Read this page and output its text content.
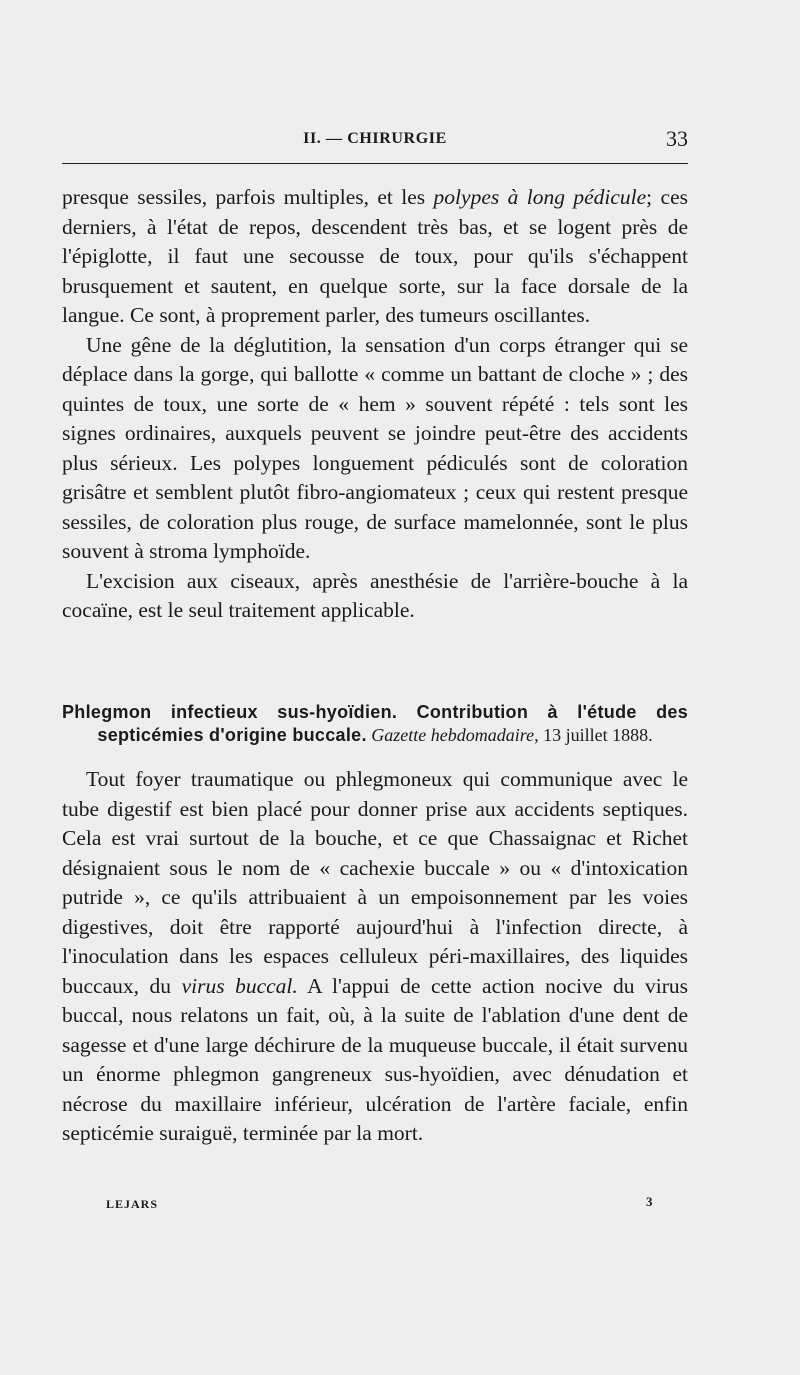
II. — CHIRURGIE	33

presque sessiles, parfois multiples, et les polypes à long pédicule; ces derniers, à l'état de repos, descendent très bas, et se logent près de l'épiglotte, il faut une secousse de toux, pour qu'ils s'échappent brusquement et sautent, en quelque sorte, sur la face dorsale de la langue. Ce sont, à proprement parler, des tumeurs oscillantes.

Une gêne de la déglutition, la sensation d'un corps étranger qui se déplace dans la gorge, qui ballotte « comme un battant de cloche » ; des quintes de toux, une sorte de « hem » souvent répété : tels sont les signes ordinaires, auxquels peuvent se joindre peut-être des accidents plus sérieux. Les polypes longuement pédiculés sont de coloration grisâtre et semblent plutôt fibro-angiomateux ; ceux qui restent presque sessiles, de coloration plus rouge, de surface mamelonnée, sont le plus souvent à stroma lymphoïde.

L'excision aux ciseaux, après anesthésie de l'arrière-bouche à la cocaïne, est le seul traitement applicable.

Phlegmon infectieux sus-hyoïdien. Contribution à l'étude des septicémies d'origine buccale. Gazette hebdomadaire, 13 juillet 1888.

Tout foyer traumatique ou phlegmoneux qui communique avec le tube digestif est bien placé pour donner prise aux accidents septiques. Cela est vrai surtout de la bouche, et ce que Chassaignac et Richet désignaient sous le nom de « cachexie buccale » ou « d'intoxication putride », ce qu'ils attribuaient à un empoisonnement par les voies digestives, doit être rapporté aujourd'hui à l'infection directe, à l'inoculation dans les espaces celluleux péri-maxillaires, des liquides buccaux, du virus buccal. A l'appui de cette action nocive du virus buccal, nous relatons un fait, où, à la suite de l'ablation d'une dent de sagesse et d'une large déchirure de la muqueuse buccale, il était survenu un énorme phlegmon gangreneux sus-hyoïdien, avec dénudation et nécrose du maxillaire inférieur, ulcération de l'artère faciale, enfin septicémie suraiguë, terminée par la mort.

LEJARS	3
